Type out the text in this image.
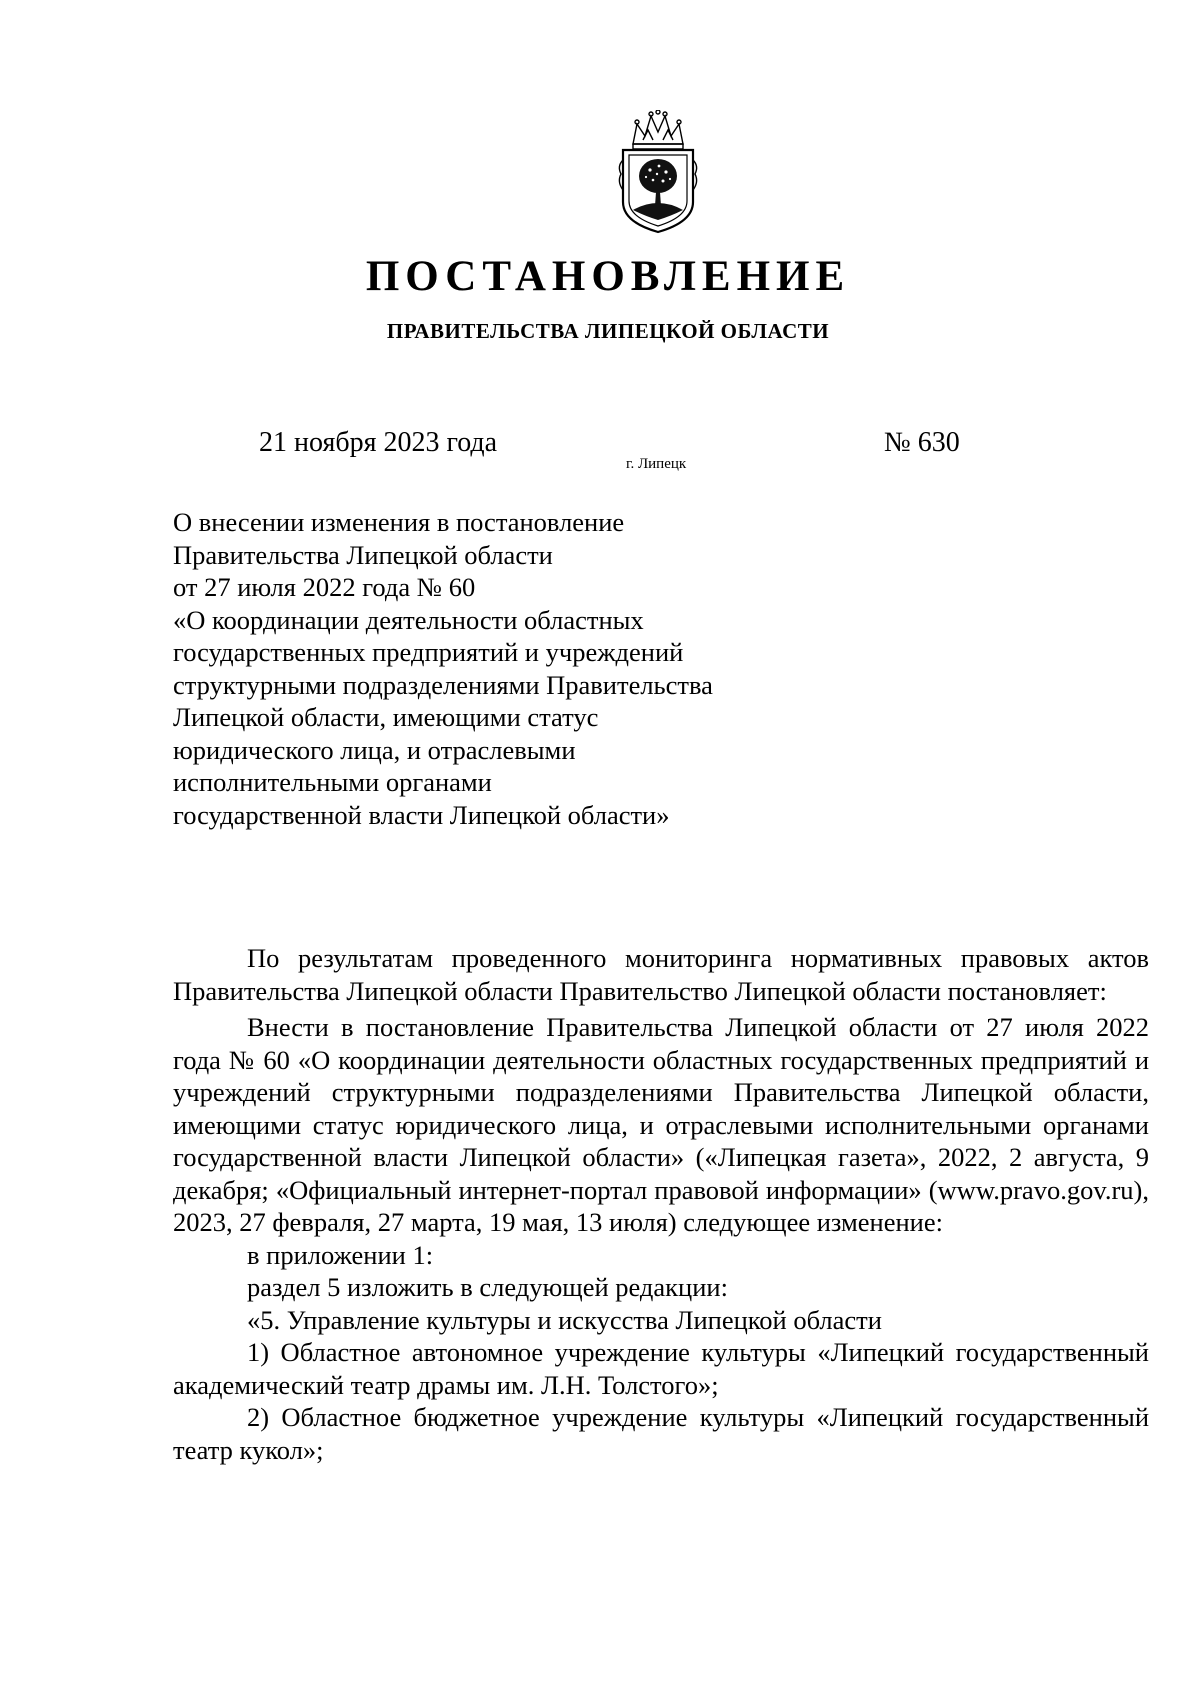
ПОСТАНОВЛЕНИЕ
ПРАВИТЕЛЬСТВА ЛИПЕЦКОЙ ОБЛАСТИ
21 ноября 2023 года
г. Липецк
№ 630
О внесении изменения в постановление
Правительства Липецкой области
от 27 июля 2022 года № 60
«О координации деятельности областных
государственных предприятий и учреждений
структурными подразделениями Правительства
Липецкой области, имеющими статус
юридического лица, и отраслевыми
исполнительными органами
государственной власти Липецкой области»

По результатам проведенного мониторинга нормативных правовых актов Правительства Липецкой области Правительство Липецкой области постановляет:

Внести в постановление Правительства Липецкой области от 27 июля 2022 года № 60 «О координации деятельности областных государственных предприятий и учреждений структурными подразделениями Правительства Липецкой области, имеющими статус юридического лица, и отраслевыми исполнительными органами государственной власти Липецкой области» («Липецкая газета», 2022, 2 августа, 9 декабря; «Официальный интернет-портал правовой информации» (www.pravo.gov.ru), 2023, 27 февраля, 27 марта, 19 мая, 13 июля) следующее изменение:

в приложении 1:

раздел 5 изложить в следующей редакции:

«5. Управление культуры и искусства Липецкой области

1) Областное автономное учреждение культуры «Липецкий государственный академический театр драмы им. Л.Н. Толстого»;

2) Областное бюджетное учреждение культуры «Липецкий государственный театр кукол»;
